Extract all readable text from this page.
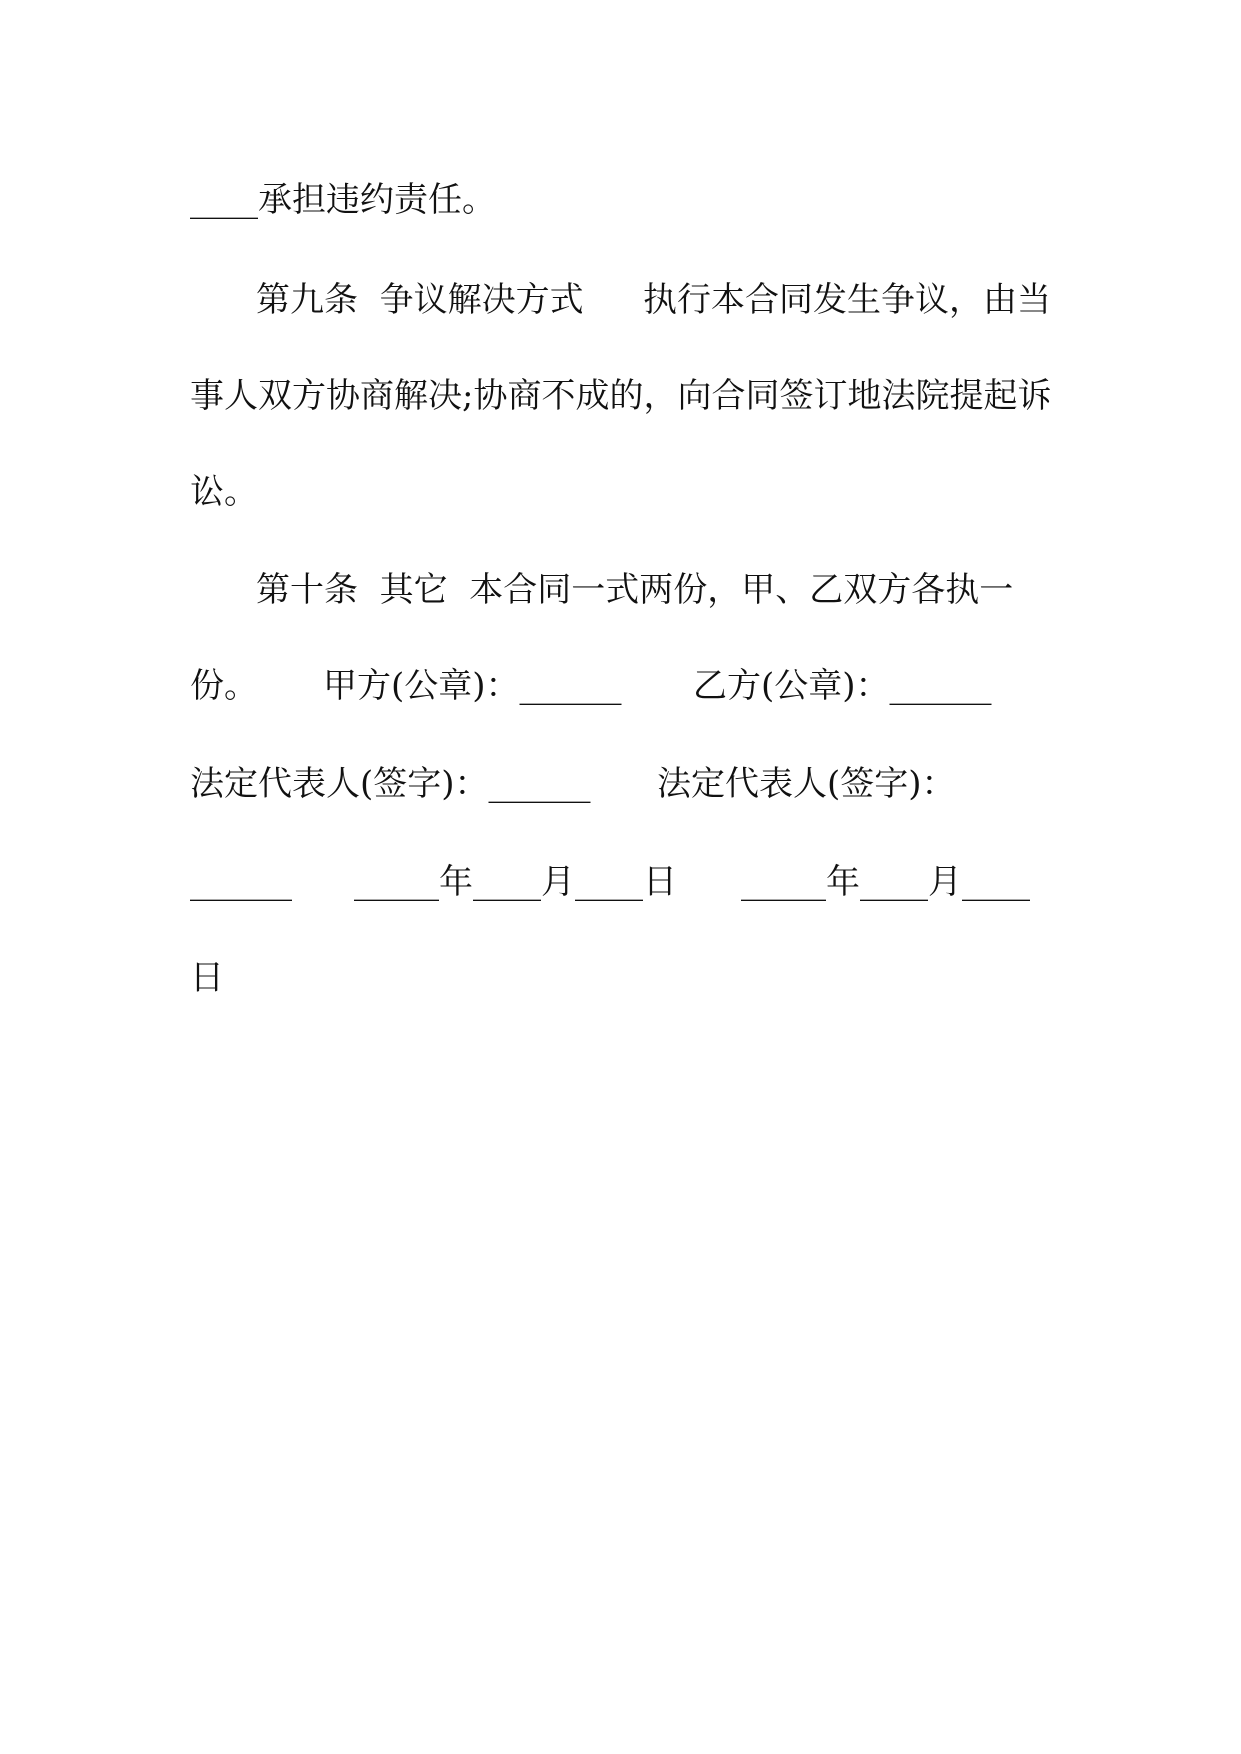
____承担违约责任。
第九条  争议解决方式 执行本合同发生争议，由当
事人双方协商解决;协商不成的，向合同签订地法院提起诉
讼。
第十条  其它  本合同一式两份，甲、乙双方各执一
份。 甲方(公章)：______ 乙方(公章)：______
法定代表人(签字)：______ 法定代表人(签字)：
______ _____年____月____日 _____年____月____
日
